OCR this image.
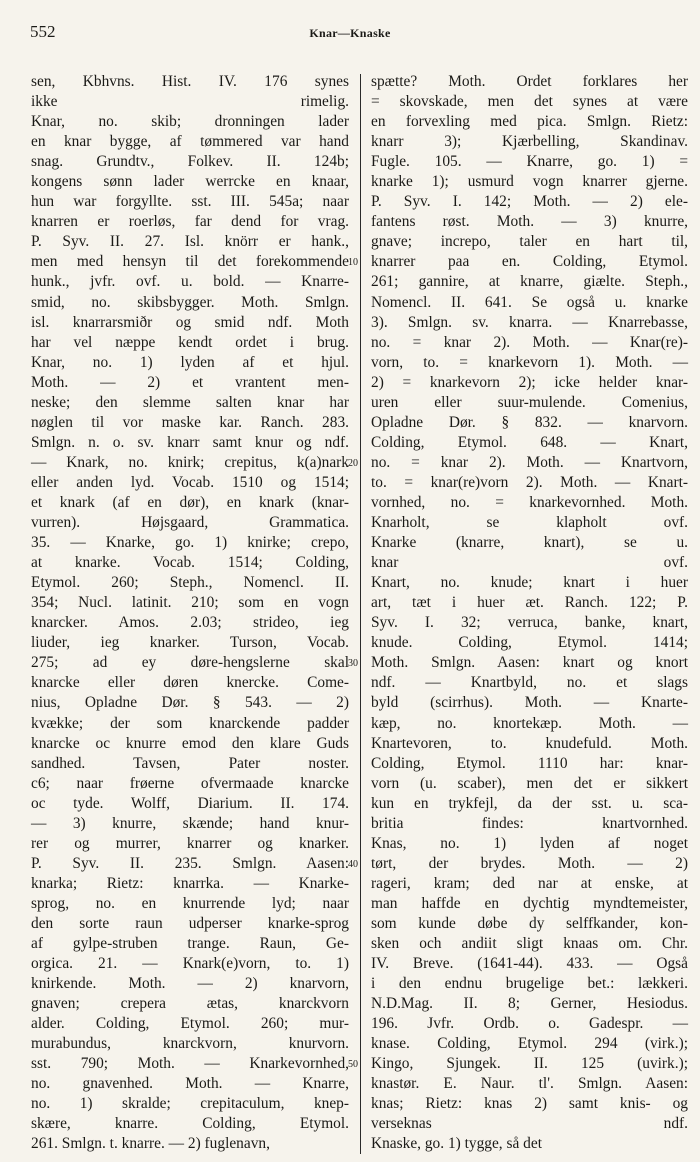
552	Knar—Knaske
sen, Kbhvns. Hist. IV. 176 synes
ikke rimelig.
Knar, no. skib; dronningen lader
en knar bygge, af tømmered var hand
snag. Grundtv., Folkev. II. 124b;
kongens sønn lader werrcke en knaar,
hun war forgyllte. sst. III. 545a; naar
knarren er roerløs, far dend for vrag.
P. Syv. II. 27. Isl. knörr er hank.,
men med hensyn til det forekommende
hunk., jvfr. ovf. u. bold. — Knarre-
smid, no. skibsbygger. Moth. Smlgn.
isl. knarrarsmiðr og smid ndf. Moth
har vel næppe kendt ordet i brug.
Knar, no. 1) lyden af et hjul.
Moth. — 2) et vrantent men-
neske; den slemme salten knar har
nøglen til vor maske kar. Ranch. 283.
Smlgn. n. o. sv. knarr samt knur og ndf.
— Knark, no. knirk; crepitus, k(a)nark
eller anden lyd. Vocab. 1510 og 1514;
et knark (af en dør), en knark (knar-
vurren). Højsgaard, Grammatica.
35. — Knarke, go. 1) knirke; crepo,
at knarke. Vocab. 1514; Colding,
Etymol. 260; Steph., Nomencl. II.
354; Nucl. latinit. 210; som en vogn
knarcker. Amos. 2.03; strideo, ieg
liuder, ieg knarker. Turson, Vocab.
275; ad ey døre-hengslerne skal
knarcke eller døren knercke. Come-
nius, Opladne Dør. § 543. — 2)
kvække; der som knarckende padder
knarcke oc knurre emod den klare Guds
sandhed. Tavsen, Pater noster.
c6; naar frøerne ofvermaade knarcke
oc tyde. Wolff, Diarium. II. 174.
— 3) knurre, skænde; hand knur-
rer og murrer, knarrer og knarker.
P. Syv. II. 235. Smlgn. Aasen:
knarka; Rietz: knarrka. — Knarke-
sprog, no. en knurrende lyd; naar
den sorte raun udperser knarke-sprog
af gylpe-struben trange. Raun, Ge-
orgica. 21. — Knark(e)vorn, to. 1)
knirkende. Moth. — 2) knarvorn,
gnaven; crepera ætas, knarckvorn
alder. Colding, Etymol. 260; mur-
murabundus, knarckvorn, knurvorn.
sst. 790; Moth. — Knarkevornhed,
no. gnavenhed. Moth. — Knarre,
no. 1) skralde; crepitaculum, knep-
skære, knarre. Colding, Etymol.
261. Smlgn. t. knarre. — 2) fuglenavn,
10
20
30
40
50
spætte? Moth. Ordet forklares her
= skovskade, men det synes at være
en forvexling med pica. Smlgn. Rietz:
knarr 3); Kjærbelling, Skandinav.
Fugle. 105. — Knarre, go. 1) =
knarke 1); usmurd vogn knarrer gjerne.
P. Syv. I. 142; Moth. — 2) ele-
fantens røst. Moth. — 3) knurre,
gnave; increpo, taler en hart til,
knarrer paa en. Colding, Etymol.
261; gannire, at knarre, giælte. Steph.,
Nomencl. II. 641. Se også u. knarke
3). Smlgn. sv. knarra. — Knarrebasse,
no. = knar 2). Moth. — Knar(re)-
vorn, to. = knarkevorn 1). Moth. —
2) = knarkevorn 2); icke helder knar-
uren eller suur-mulende. Comenius,
Opladne Dør. § 832. — knarvorn.
Colding, Etymol. 648. — Knart,
no. = knar 2). Moth. — Knartvorn,
to. = knar(re)vorn 2). Moth. — Knart-
vornhed, no. = knarkevornhed. Moth.
Knarholt, se klapholt ovf.
Knarke (knarre, knart), se u.
knar ovf.
Knart, no. knude; knart i huer
art, tæt i huer æt. Ranch. 122; P.
Syv. I. 32; verruca, banke, knart,
knude. Colding, Etymol. 1414;
Moth. Smlgn. Aasen: knart og knort
ndf. — Knartbyld, no. et slags
byld (scirrhus). Moth. — Knarte-
kæp, no. knortekæp. Moth. —
Knartevoren, to. knudefuld. Moth.
Colding, Etymol. 1110 har: knar-
vorn (u. scaber), men det er sikkert
kun en trykfejl, da der sst. u. sca-
britia findes: knartvornhed.
Knas, no. 1) lyden af noget
tørt, der brydes. Moth. — 2)
rageri, kram; ded nar at enske, at
man haffde en dychtig myndtemeister,
som kunde døbe dy selffkander, kon-
sken och andiit sligt knaas om. Chr.
IV. Breve. (1641-44). 433. — Også
i den endnu brugelige bet.: lækkeri.
N.D.Mag. II. 8; Gerner, Hesiodus.
196. Jvfr. Ordb. o. Gadespr. —
knase. Colding, Etymol. 294 (virk.);
Kingo, Sjungek. II. 125 (uvirk.);
knastør. E. Naur. tl'. Smlgn. Aasen:
knas; Rietz: knas 2) samt knis- og
verseknas ndf.
Knaske, go. 1) tygge, så det
